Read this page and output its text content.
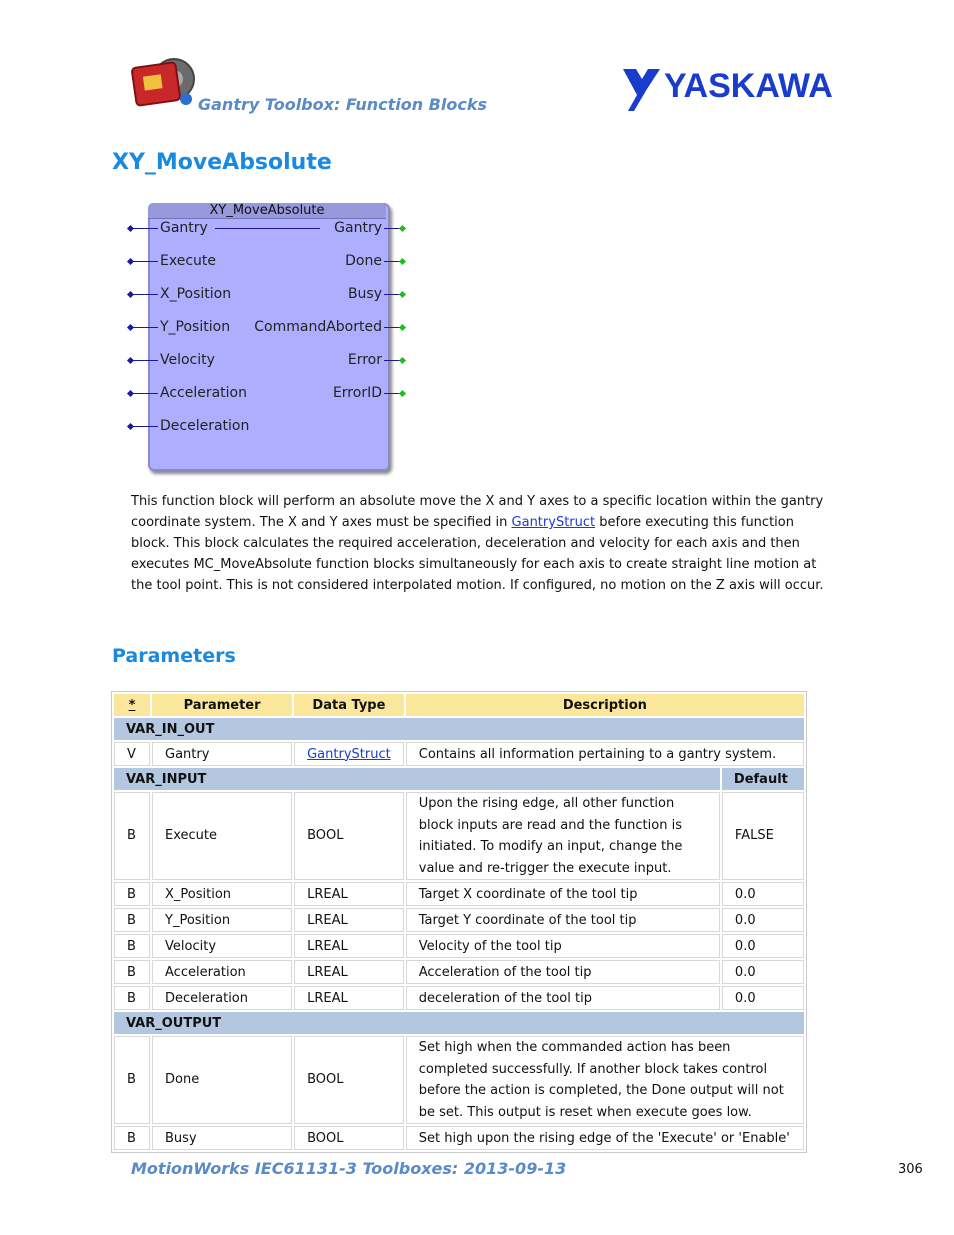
Gantry Toolbox: Function Blocks	YASKAWA
XY_MoveAbsolute
XY_MoveAbsolute
Gantry
Execute
X_Position
Y_Position
Velocity
Acceleration
Deceleration
Gantry
Done
Busy
CommandAborted
Error
ErrorID
This function block will perform an absolute move the X and Y axes to a specific location within the gantry coordinate system. The X and Y axes must be specified in GantryStruct before executing this function block. This block calculates the required acceleration, deceleration and velocity for each axis and then executes MC_MoveAbsolute function blocks simultaneously for each axis to create straight line motion at the tool point. This is not considered interpolated motion. If configured, no motion on the Z axis will occur.
Parameters
*	Parameter	Data Type	Description	
VAR_IN_OUT				
V	Gantry	GantryStruct	Contains all information pertaining to a gantry system.	
VAR_INPUT				Default
B	Execute	BOOL	Upon the rising edge, all other function block inputs are read and the function is initiated. To modify an input, change the value and re-trigger the execute input.	FALSE
B	X_Position	LREAL	Target X coordinate of the tool tip	0.0
B	Y_Position	LREAL	Target Y coordinate of the tool tip	0.0
B	Velocity	LREAL	Velocity of the tool tip	0.0
B	Acceleration	LREAL	Acceleration of the tool tip	0.0
B	Deceleration	LREAL	deceleration of the tool tip	0.0
VAR_OUTPUT				
B	Done	BOOL	Set high when the commanded action has been completed successfully. If another block takes control before the action is completed, the Done output will not be set. This output is reset when execute goes low.	
B	Busy	BOOL	Set high upon the rising edge of the 'Execute' or 'Enable'	
MotionWorks IEC61131-3 Toolboxes: 2013-09-13	306
